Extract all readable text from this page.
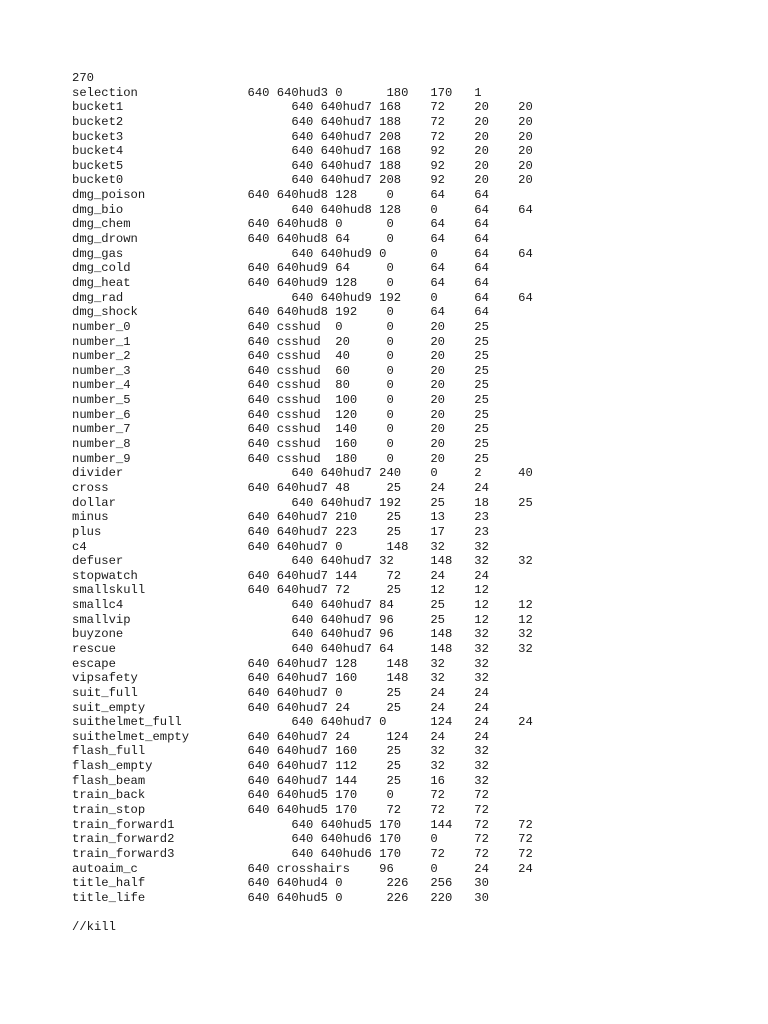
270
selection               640 640hud3 0      180   170   1
bucket1                       640 640hud7 168    72    20    20
bucket2                       640 640hud7 188    72    20    20
bucket3                       640 640hud7 208    72    20    20
bucket4                       640 640hud7 168    92    20    20
bucket5                       640 640hud7 188    92    20    20
bucket0                       640 640hud7 208    92    20    20
dmg_poison              640 640hud8 128    0     64    64
dmg_bio                       640 640hud8 128    0     64    64
dmg_chem                640 640hud8 0      0     64    64
dmg_drown               640 640hud8 64     0     64    64
dmg_gas                       640 640hud9 0      0     64    64
dmg_cold                640 640hud9 64     0     64    64
dmg_heat                640 640hud9 128    0     64    64
dmg_rad                       640 640hud9 192    0     64    64
dmg_shock               640 640hud8 192    0     64    64
number_0                640 csshud  0      0     20    25
number_1                640 csshud  20     0     20    25
number_2                640 csshud  40     0     20    25
number_3                640 csshud  60     0     20    25
number_4                640 csshud  80     0     20    25
number_5                640 csshud  100    0     20    25
number_6                640 csshud  120    0     20    25
number_7                640 csshud  140    0     20    25
number_8                640 csshud  160    0     20    25
number_9                640 csshud  180    0     20    25
divider                       640 640hud7 240    0     2     40
cross                   640 640hud7 48     25    24    24
dollar                        640 640hud7 192    25    18    25
minus                   640 640hud7 210    25    13    23
plus                    640 640hud7 223    25    17    23
c4                      640 640hud7 0      148   32    32
defuser                       640 640hud7 32     148   32    32
stopwatch               640 640hud7 144    72    24    24
smallskull              640 640hud7 72     25    12    12
smallc4                       640 640hud7 84     25    12    12
smallvip                      640 640hud7 96     25    12    12
buyzone                       640 640hud7 96     148   32    32
rescue                        640 640hud7 64     148   32    32
escape                  640 640hud7 128    148   32    32
vipsafety               640 640hud7 160    148   32    32
suit_full               640 640hud7 0      25    24    24
suit_empty              640 640hud7 24     25    24    24
suithelmet_full               640 640hud7 0      124   24    24
suithelmet_empty        640 640hud7 24     124   24    24
flash_full              640 640hud7 160    25    32    32
flash_empty             640 640hud7 112    25    32    32
flash_beam              640 640hud7 144    25    16    32
train_back              640 640hud5 170    0     72    72
train_stop              640 640hud5 170    72    72    72
train_forward1                640 640hud5 170    144   72    72
train_forward2                640 640hud6 170    0     72    72
train_forward3                640 640hud6 170    72    72    72
autoaim_c               640 crosshairs    96     0     24    24
title_half              640 640hud4 0      226   256   30
title_life              640 640hud5 0      226   220   30

//kill
